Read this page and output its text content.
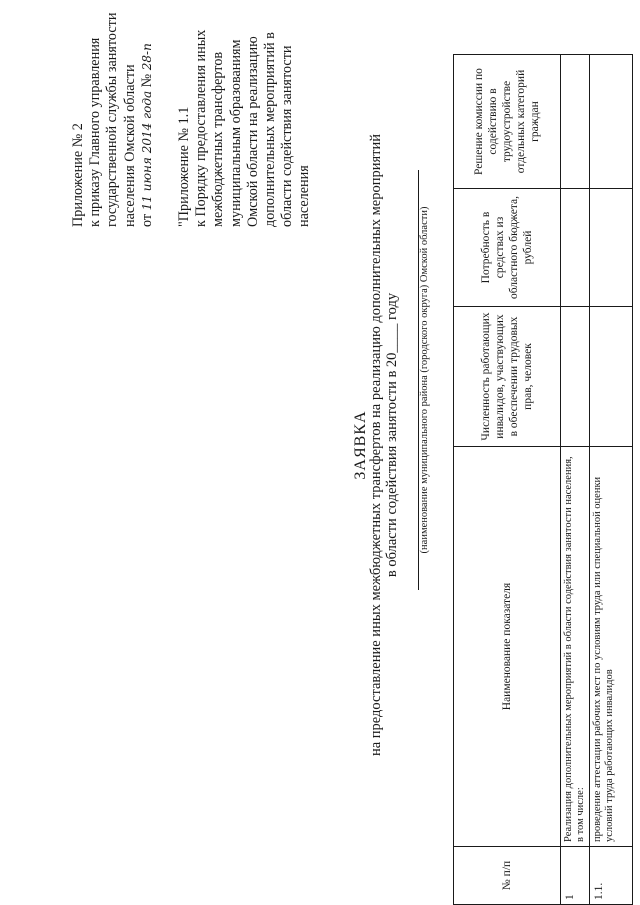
Приложение № 2 к приказу Главного управления государственной службы занятости населения Омской области от 11 июня 2014 года № 28-п
"Приложение № 1.1 к Порядку предоставления иных межбюджетных трансфертов муниципальным образованиям Омской области на реализацию дополнительных мероприятий в области содействия занятости населения
ЗАЯВКА на предоставление иных межбюджетных трансфертов на реализацию дополнительных мероприятий в области содействия занятости в 20____ году (наименование муниципального района (городского округа) Омской области)
№ п/п	Наименование показателя	Численность работающих инвалидов, участвующих в обеспечении трудовых прав, человек	Потребность в средствах из областного бюджета, рублей	Решение комиссии по содействию в трудоустройстве отдельных категорий граждан
1	Реализация дополнительных мероприятий в области содействия занятости населения, в том числе:			
1.1.	проведение аттестации рабочих мест по условиям труда или специальной оценки условий труда работающих инвалидов			
